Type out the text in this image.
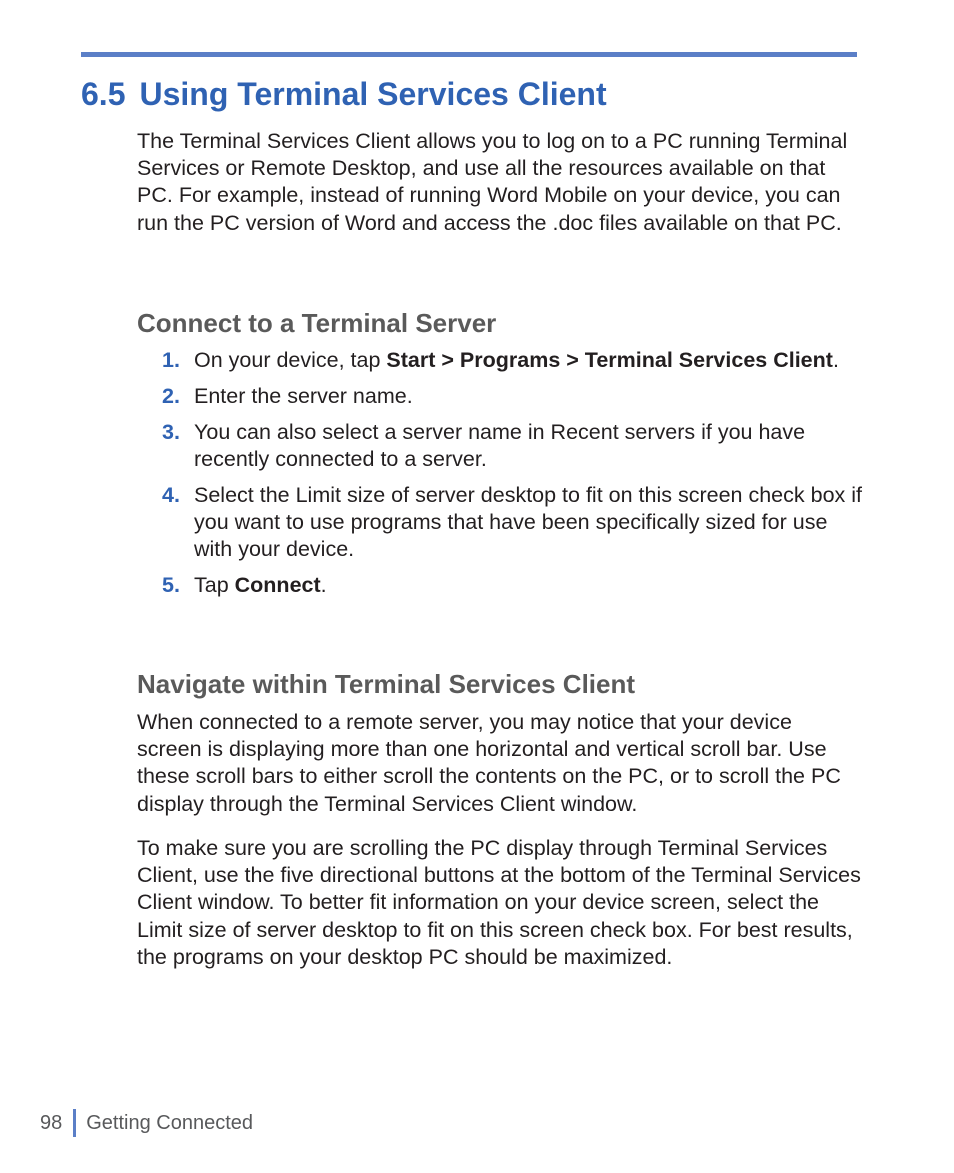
6.5 Using Terminal Services Client

The Terminal Services Client allows you to log on to a PC running Terminal Services or Remote Desktop, and use all the resources available on that PC. For example, instead of running Word Mobile on your device, you can run the PC version of Word and access the .doc files available on that PC.

Connect to a Terminal Server
1. On your device, tap Start > Programs > Terminal Services Client.
2. Enter the server name.
3. You can also select a server name in Recent servers if you have recently connected to a server.
4. Select the Limit size of server desktop to fit on this screen check box if you want to use programs that have been specifically sized for use with your device.
5. Tap Connect.
Navigate within Terminal Services Client

When connected to a remote server, you may notice that your device screen is displaying more than one horizontal and vertical scroll bar. Use these scroll bars to either scroll the contents on the PC, or to scroll the PC display through the Terminal Services Client window.

To make sure you are scrolling the PC display through Terminal Services Client, use the five directional buttons at the bottom of the Terminal Services Client window. To better fit information on your device screen, select the Limit size of server desktop to fit on this screen check box. For best results, the programs on your desktop PC should be maximized.

98 Getting Connected
